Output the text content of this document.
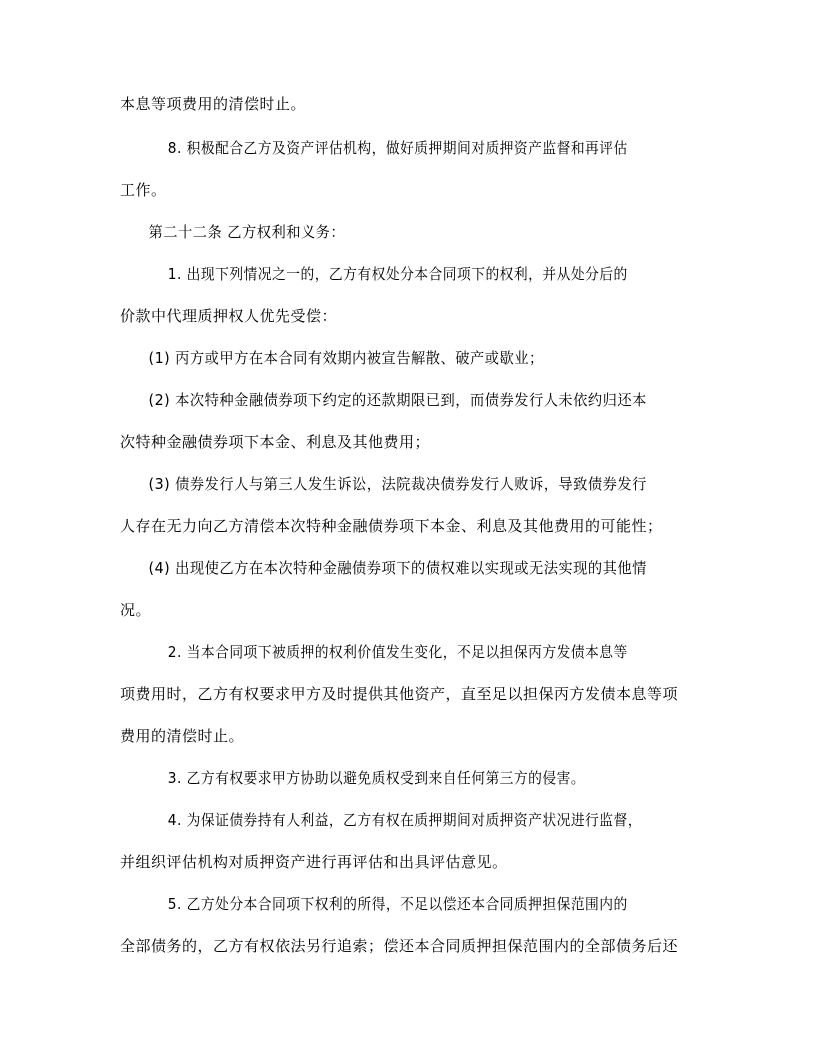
本息等项费用的清偿时止。
8. 积极配合乙方及资产评估机构，做好质押期间对质押资产监督和再评估
工作。
第二十二条 乙方权利和义务：
1. 出现下列情况之一的，乙方有权处分本合同项下的权利，并从处分后的
价款中代理质押权人优先受偿：
(1) 丙方或甲方在本合同有效期内被宣告解散、破产或歇业；
(2) 本次特种金融债券项下约定的还款期限已到，而债券发行人未依约归还本
次特种金融债券项下本金、利息及其他费用；
(3) 债券发行人与第三人发生诉讼，法院裁决债券发行人败诉，导致债券发行
人存在无力向乙方清偿本次特种金融债券项下本金、利息及其他费用的可能性；
(4) 出现使乙方在本次特种金融债券项下的债权难以实现或无法实现的其他情
况。
2. 当本合同项下被质押的权利价值发生变化，不足以担保丙方发债本息等
项费用时，乙方有权要求甲方及时提供其他资产，直至足以担保丙方发债本息等项
费用的清偿时止。
3. 乙方有权要求甲方协助以避免质权受到来自任何第三方的侵害。
4. 为保证债券持有人利益，乙方有权在质押期间对质押资产状况进行监督，
并组织评估机构对质押资产进行再评估和出具评估意见。
5. 乙方处分本合同项下权利的所得，不足以偿还本合同质押担保范围内的
全部债务的，乙方有权依法另行追索；偿还本合同质押担保范围内的全部债务后还
